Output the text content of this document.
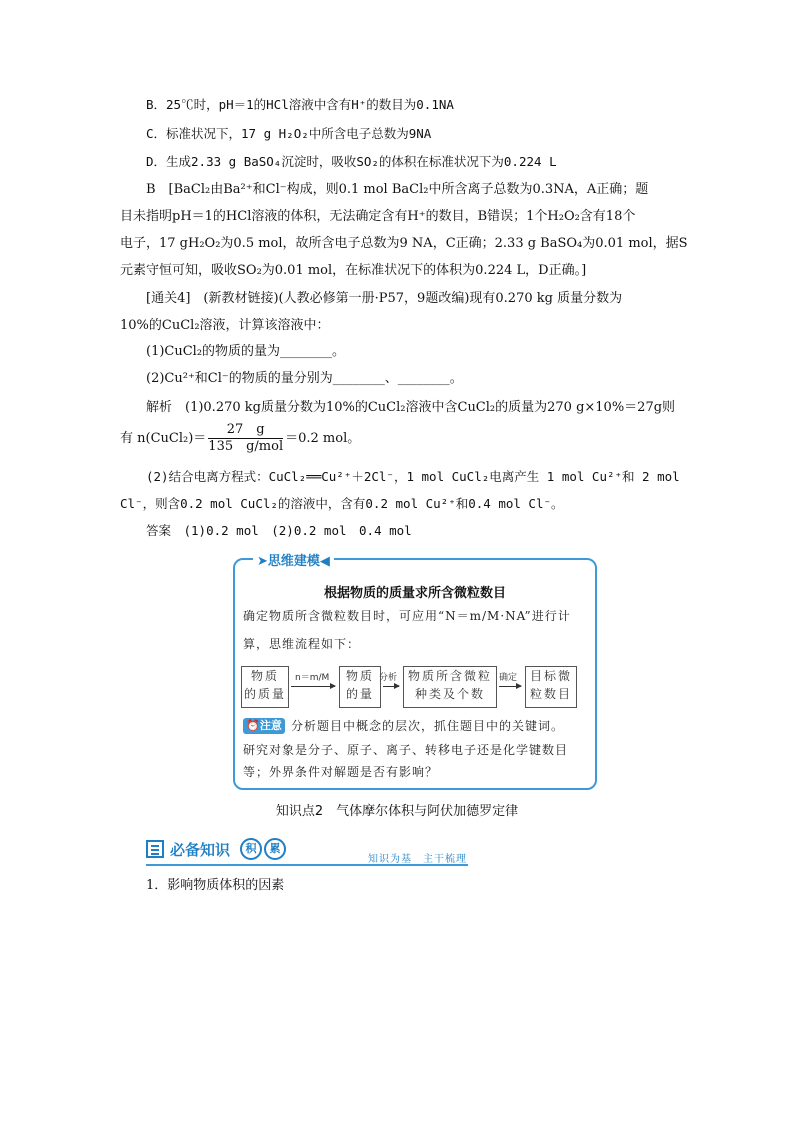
B．25℃时，pH＝1的HCl溶液中含有H⁺的数目为0.1NA
C．标准状况下，17 g H₂O₂中所含电子总数为9NA
D．生成2.33 g BaSO₄沉淀时，吸收SO₂的体积在标准状况下为0.224 L
B　[BaCl₂由Ba²⁺和Cl⁻构成，则0.1 mol BaCl₂中所含离子总数为0.3NA，A正确；题
目未指明pH＝1的HCl溶液的体积，无法确定含有H⁺的数目，B错误；1个H₂O₂含有18个
电子，17 gH₂O₂为0.5 mol，故所含电子总数为9 NA，C正确；2.33 g BaSO₄为0.01 mol，据S
元素守恒可知，吸收SO₂为0.01 mol，在标准状况下的体积为0.224 L，D正确。]
[通关4]　(新教材链接)(人教必修第一册·P57，9题改编)现有0.270 kg 质量分数为
10%的CuCl₂溶液，计算该溶液中：
(1)CuCl₂的物质的量为________。
(2)Cu²⁺和Cl⁻的物质的量分别为________、________。
解析　(1)0.270 kg质量分数为10%的CuCl₂溶液中含CuCl₂的质量为270 g×10%＝27g则
有 n(CuCl₂)＝ $\frac{27 g}{\text{135　g/mol}} =0.2$ mol。
(2)结合电离方程式：CuCl₂══Cu²⁺＋2Cl⁻，1 mol CuCl₂电离产生 1 mol Cu²⁺和 2 mol
Cl⁻，则含0.2 mol CuCl₂的溶液中，含有0.2 mol Cu²⁺和0.4 mol Cl⁻。
答案　(1)0.2 mol　(2)0.2 mol　0.4 mol
➤思维建模◀
根据物质的质量求所含微粒数目
确定物质所含微粒数目时，可应用“N＝m/M·NA”进行计
算，思维流程如下：
物质
的质量
n＝m/M	物质
的量
分析 物质所含微粒
种类及个数
确定	目标微
粒数目
⏰注意 分析题目中概念的层次，抓住题目中的关键词。
研究对象是分子、原子、离子、转移电子还是化学键数目
等；外界条件对解题是否有影响？
知识点2　气体摩尔体积与阿伏加德罗定律
必备知识	积	累
知识为基　主干梳理
1．影响物质体积的因素
